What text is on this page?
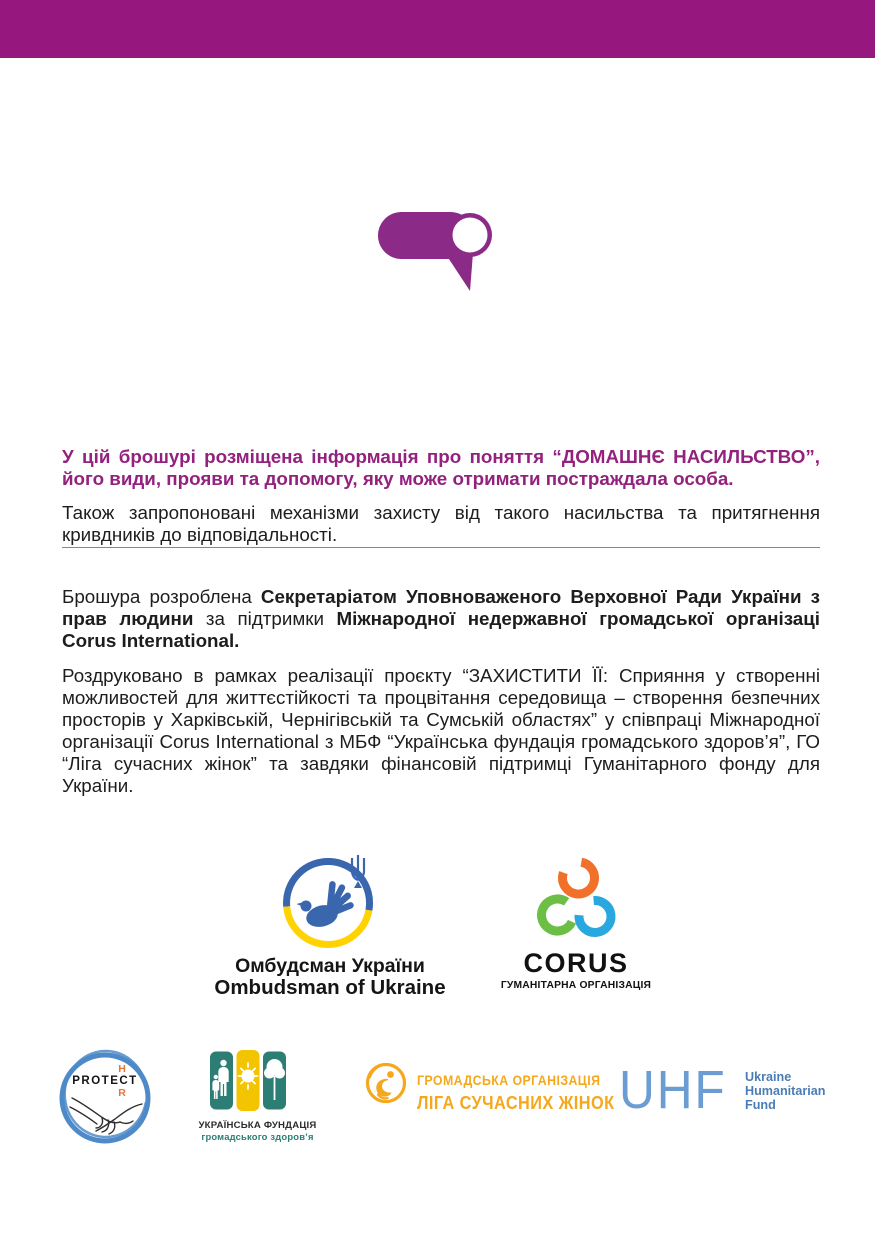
У цій брошурі розміщена інформація про поняття “ДОМАШНЄ НАСИЛЬСТВО”, його види, прояви та допомогу, яку може отримати постраждала особа.

Також запропоновані механізми захисту від такого насильства та притягнення кривдників до відповідальності.

Брошура розроблена Секретаріатом Уповноваженого Верховної Ради України з прав людини за підтримки Міжнародної недержавної громадської організаці Corus International.

Роздруковано в рамках реалізації проєкту “ЗАХИСТИТИ ЇЇ: Сприяння у створенні можливостей для життєстійкості та процвітання середовища – створення безпечних просторів у Харківській, Чернігівській та Сумській областях” у співпраці Міжнародної організації Corus International з МБФ “Українська фундація громадського здоров’я”, ГО “Ліга сучасних жінок” та завдяки фінансовій підтримці Гуманітарного фонду для України.

Омбудсман України
Ombudsman of Ukraine
CORUS
ГУМАНІТАРНА ОРГАНІЗАЦІЯ
PROTECT
H
R
УКРАЇНСЬКА ФУНДАЦІЯ
громадського здоров’я
ГРОМАДСЬКА ОРГАНІЗАЦІЯ
ЛІГА СУЧАСНИХ ЖІНОК UHF Ukraine
Humanitarian
Fund
